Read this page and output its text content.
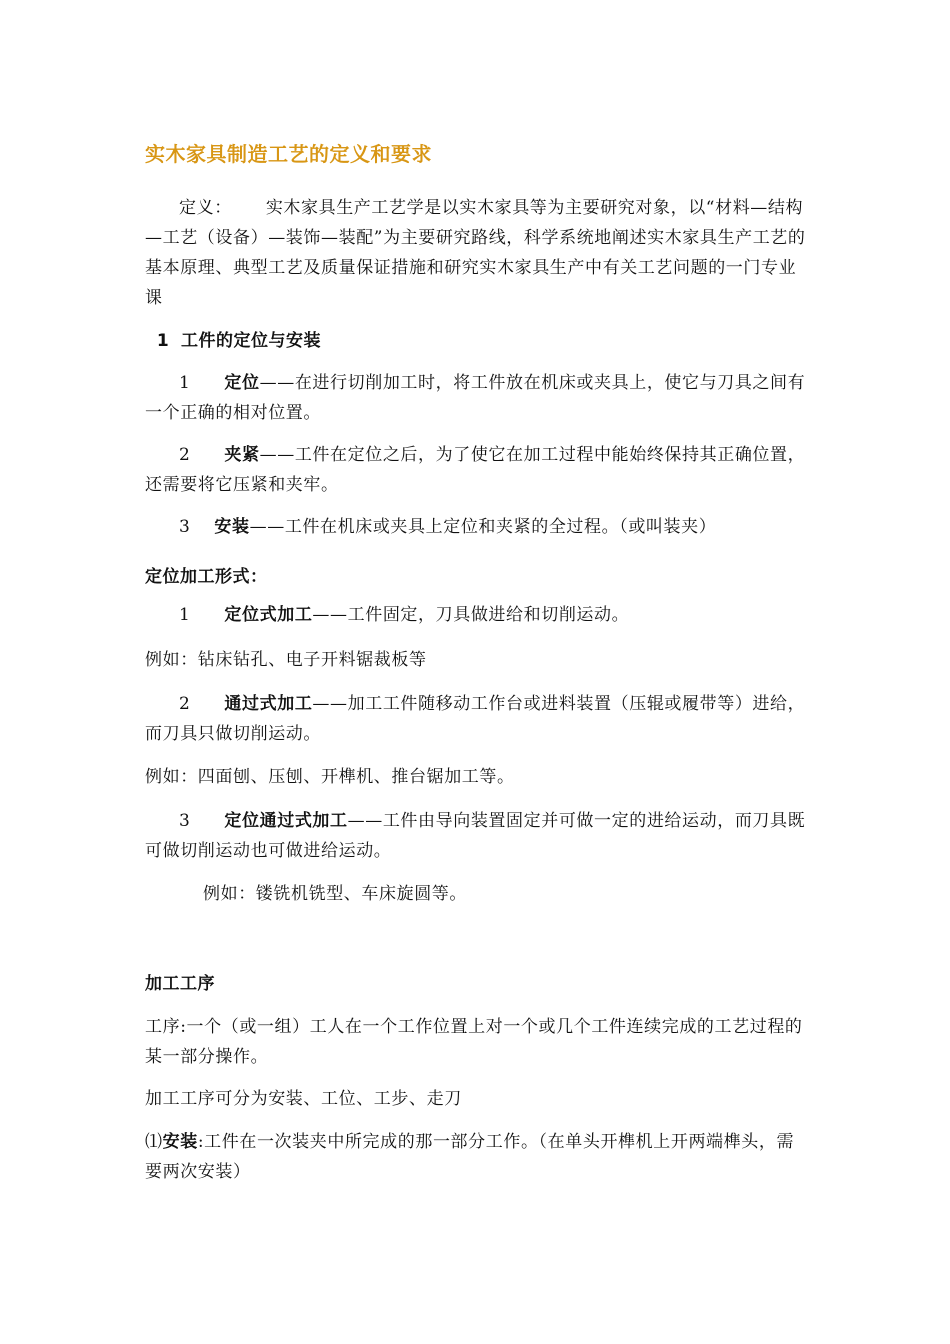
实木家具制造工艺的定义和要求
定义： 实木家具生产工艺学是以实木家具等为主要研究对象，以“材料—结构—工艺（设备）—装饰—装配”为主要研究路线，科学系统地阐述实木家具生产工艺的基本原理、典型工艺及质量保证措施和研究实木家具生产中有关工艺问题的一门专业课
1 工件的定位与安装
1 定位——在进行切削加工时，将工件放在机床或夹具上，使它与刀具之间有一个正确的相对位置。
2 夹紧——工件在定位之后，为了使它在加工过程中能始终保持其正确位置，还需要将它压紧和夹牢。
3 安装——工件在机床或夹具上定位和夹紧的全过程。（或叫装夹）
定位加工形式：
1 定位式加工——工件固定，刀具做进给和切削运动。
例如：钻床钻孔、电子开料锯裁板等
2 通过式加工——加工工件随移动工作台或进料装置（压辊或履带等）进给，而刀具只做切削运动。
例如：四面刨、压刨、开榫机、推台锯加工等。
3 定位通过式加工——工件由导向装置固定并可做一定的进给运动，而刀具既可做切削运动也可做进给运动。
例如：镂铣机铣型、车床旋圆等。
加工工序
工序:一个（或一组）工人在一个工作位置上对一个或几个工件连续完成的工艺过程的某一部分操作。
加工工序可分为安装、工位、工步、走刀
⑴安装:工件在一次装夹中所完成的那一部分工作。（在单头开榫机上开两端榫头，需要两次安装）
